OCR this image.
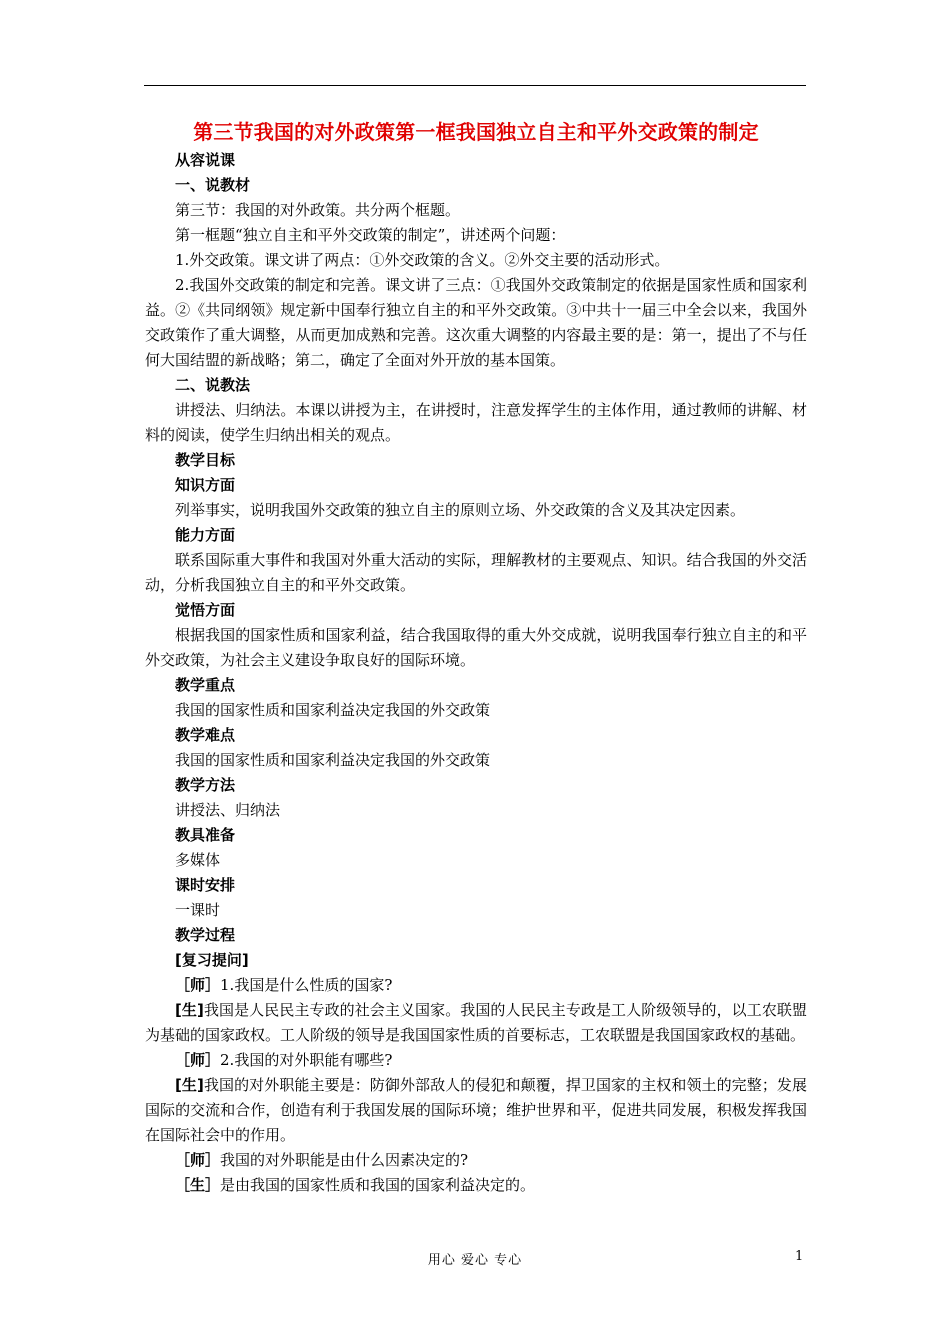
第三节我国的对外政策第一框我国独立自主和平外交政策的制定
从容说课
一、说教材
第三节：我国的对外政策。共分两个框题。
第一框题“独立自主和平外交政策的制定”，讲述两个问题：
1.外交政策。课文讲了两点：①外交政策的含义。②外交主要的活动形式。
2.我国外交政策的制定和完善。课文讲了三点：①我国外交政策制定的依据是国家性质和国家利益。②《共同纲领》规定新中国奉行独立自主的和平外交政策。③中共十一届三中全会以来，我国外交政策作了重大调整，从而更加成熟和完善。这次重大调整的内容最主要的是：第一，提出了不与任何大国结盟的新战略；第二，确定了全面对外开放的基本国策。
二、说教法
讲授法、归纳法。本课以讲授为主，在讲授时，注意发挥学生的主体作用，通过教师的讲解、材料的阅读，使学生归纳出相关的观点。
教学目标
知识方面
列举事实，说明我国外交政策的独立自主的原则立场、外交政策的含义及其决定因素。
能力方面
联系国际重大事件和我国对外重大活动的实际，理解教材的主要观点、知识。结合我国的外交活动，分析我国独立自主的和平外交政策。
觉悟方面
根据我国的国家性质和国家利益，结合我国取得的重大外交成就，说明我国奉行独立自主的和平外交政策，为社会主义建设争取良好的国际环境。
教学重点
我国的国家性质和国家利益决定我国的外交政策
教学难点
我国的国家性质和国家利益决定我国的外交政策
教学方法
讲授法、归纳法
教具准备
多媒体
课时安排
一课时
教学过程
[复习提问]
［师］1.我国是什么性质的国家?
[生]我国是人民民主专政的社会主义国家。我国的人民民主专政是工人阶级领导的，以工农联盟为基础的国家政权。工人阶级的领导是我国国家性质的首要标志，工农联盟是我国国家政权的基础。
［师］2.我国的对外职能有哪些?
[生]我国的对外职能主要是：防御外部敌人的侵犯和颠覆，捍卫国家的主权和领土的完整；发展国际的交流和合作，创造有利于我国发展的国际环境；维护世界和平，促进共同发展，积极发挥我国在国际社会中的作用。
［师］我国的对外职能是由什么因素决定的?
［生］是由我国的国家性质和我国的国家利益决定的。
用心 爱心 专心	1
